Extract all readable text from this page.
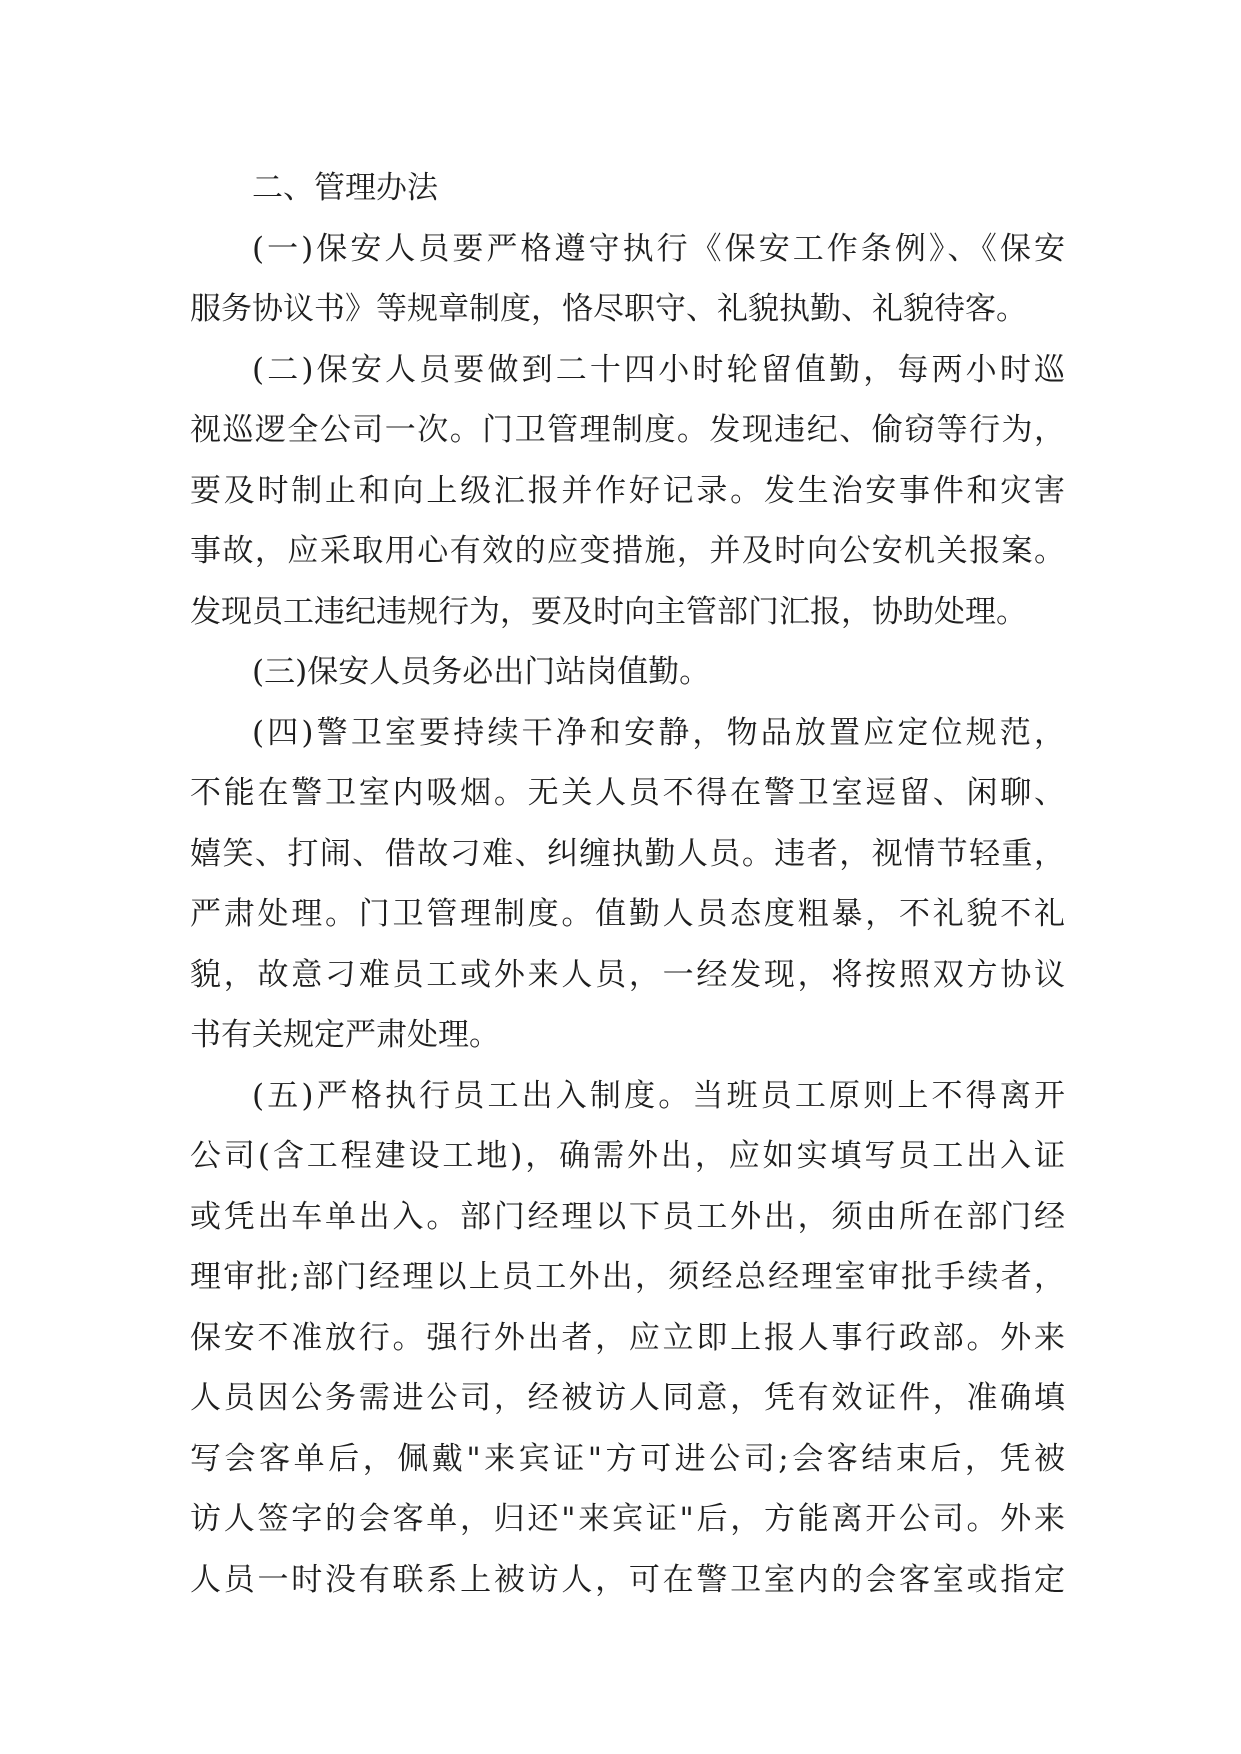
二、管理办法
(一)保安人员要严格遵守执行《保安工作条例》、《保安
服务协议书》等规章制度，恪尽职守、礼貌执勤、礼貌待客。
(二)保安人员要做到二十四小时轮留值勤，每两小时巡
视巡逻全公司一次。门卫管理制度。发现违纪、偷窃等行为，
要及时制止和向上级汇报并作好记录。发生治安事件和灾害
事故，应采取用心有效的应变措施，并及时向公安机关报案。
发现员工违纪违规行为，要及时向主管部门汇报，协助处理。
(三)保安人员务必出门站岗值勤。
(四)警卫室要持续干净和安静，物品放置应定位规范，
不能在警卫室内吸烟。无关人员不得在警卫室逗留、闲聊、
嬉笑、打闹、借故刁难、纠缠执勤人员。违者，视情节轻重，
严肃处理。门卫管理制度。值勤人员态度粗暴，不礼貌不礼
貌，故意刁难员工或外来人员，一经发现，将按照双方协议
书有关规定严肃处理。
(五)严格执行员工出入制度。当班员工原则上不得离开
公司(含工程建设工地)，确需外出，应如实填写员工出入证
或凭出车单出入。部门经理以下员工外出，须由所在部门经
理审批;部门经理以上员工外出，须经总经理室审批手续者，
保安不准放行。强行外出者，应立即上报人事行政部。外来
人员因公务需进公司，经被访人同意，凭有效证件，准确填
写会客单后，佩戴"来宾证"方可进公司;会客结束后，凭被
访人签字的会客单，归还"来宾证"后，方能离开公司。外来
人员一时没有联系上被访人，可在警卫室内的会客室或指定
